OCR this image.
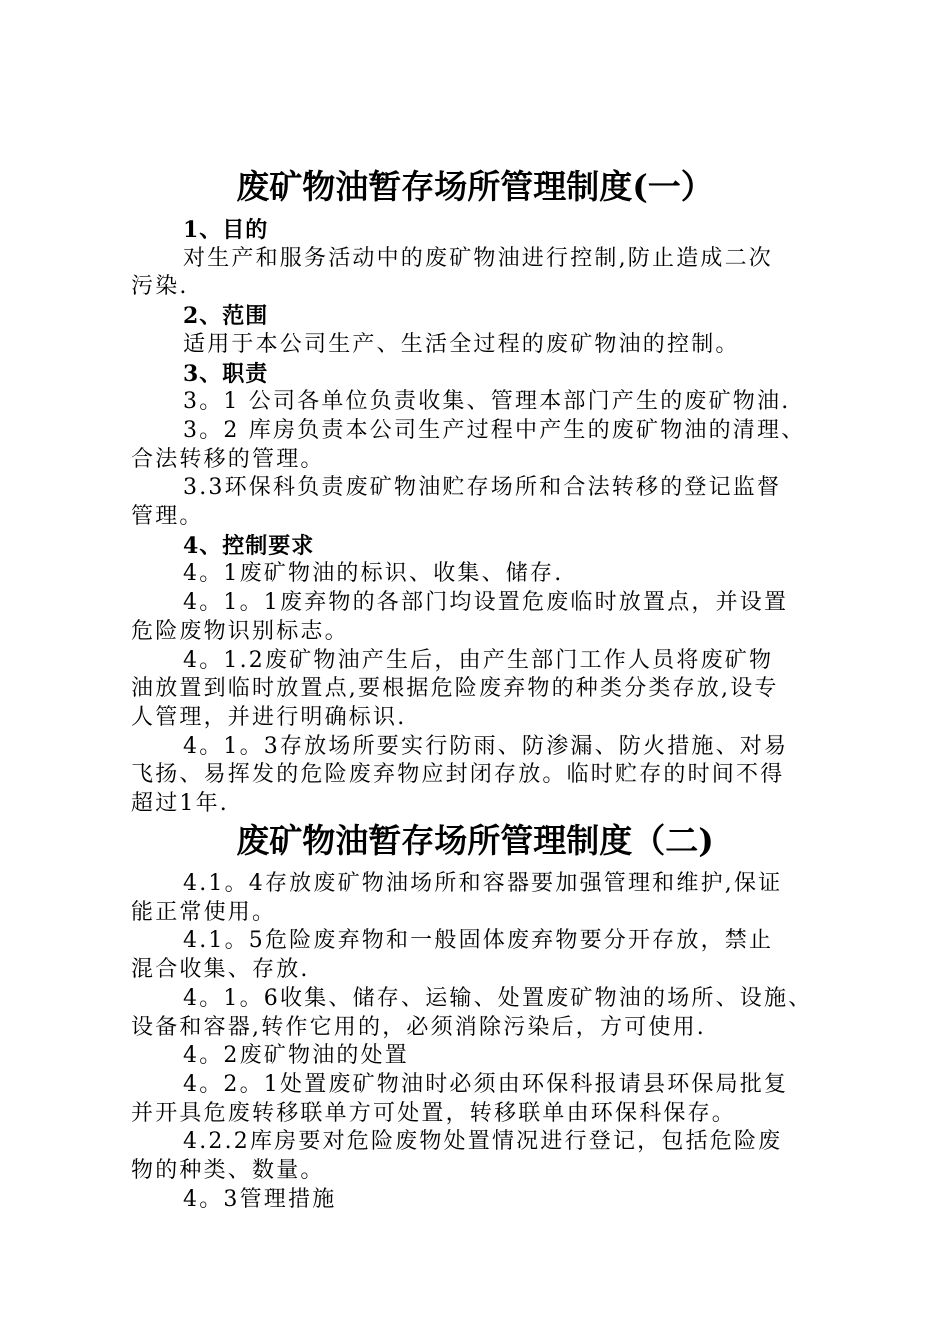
废矿物油暂存场所管理制度(一）
1、目的
对生产和服务活动中的废矿物油进行控制,防止造成二次
污染.
2、范围
适用于本公司生产、生活全过程的废矿物油的控制。
3、职责
3。1 公司各单位负责收集、管理本部门产生的废矿物油.
3。2 库房负责本公司生产过程中产生的废矿物油的清理、
合法转移的管理。
3.3环保科负责废矿物油贮存场所和合法转移的登记监督
管理。
4、控制要求
4。1废矿物油的标识、收集、储存.
4。1。1废弃物的各部门均设置危废临时放置点，并设置
危险废物识别标志。
4。1.2废矿物油产生后，由产生部门工作人员将废矿物
油放置到临时放置点,要根据危险废弃物的种类分类存放,设专
人管理，并进行明确标识.
4。1。3存放场所要实行防雨、防渗漏、防火措施、对易
飞扬、易挥发的危险废弃物应封闭存放。临时贮存的时间不得
超过1年.
废矿物油暂存场所管理制度（二)
4.1。4存放废矿物油场所和容器要加强管理和维护,保证
能正常使用。
4.1。5危险废弃物和一般固体废弃物要分开存放，禁止
混合收集、存放.
4。1。6收集、储存、运输、处置废矿物油的场所、设施、
设备和容器,转作它用的，必须消除污染后，方可使用.
4。2废矿物油的处置
4。2。1处置废矿物油时必须由环保科报请县环保局批复
并开具危废转移联单方可处置，转移联单由环保科保存。
4.2.2库房要对危险废物处置情况进行登记，包括危险废
物的种类、数量。
4。3管理措施
